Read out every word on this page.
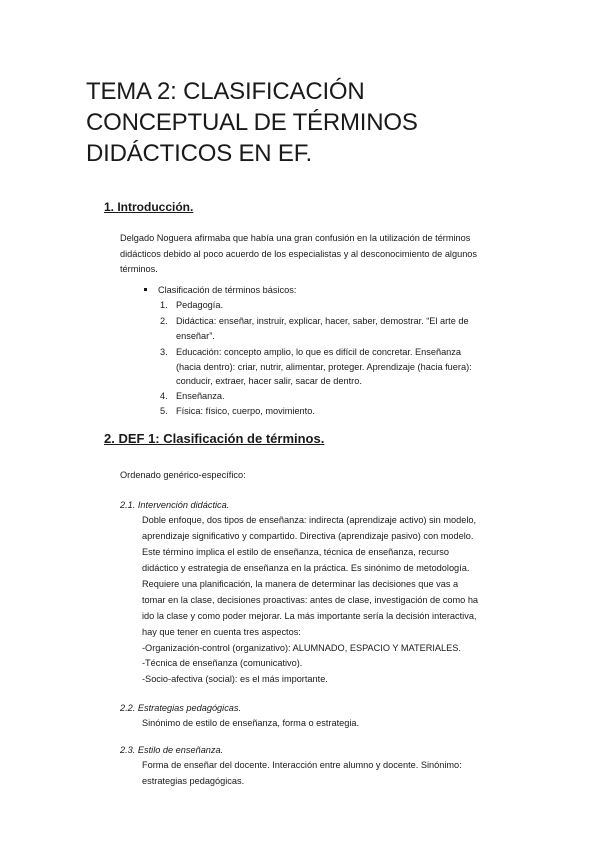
TEMA 2: CLASIFICACIÓN
CONCEPTUAL DE TÉRMINOS
DIDÁCTICOS EN EF.
1. Introducción.

Delgado Noguera afirmaba que había una gran confusión en la utilización de términos

didácticos debido al poco acuerdo de los especialistas y al desconocimiento de algunos

términos.

Clasificación de términos básicos:
1. Pedagogía.
2. Didáctica: enseñar, instruir, explicar, hacer, saber, demostrar. “El arte de
enseñar”.
3. Educación: concepto amplio, lo que es difícil de concretar. Enseñanza
(hacia dentro): criar, nutrir, alimentar, proteger. Aprendizaje (hacia fuera):
conducir, extraer, hacer salir, sacar de dentro.
4. Enseñanza.
5. Física: físico, cuerpo, movimiento.
2. DEF 1: Clasificación de términos.

Ordenado genérico-específico:

2.1. Intervención didáctica.

Doble enfoque, dos tipos de enseñanza: indirecta (aprendizaje activo) sin modelo,

aprendizaje significativo y compartido. Directiva (aprendizaje pasivo) con modelo.

Este término implica el estilo de enseñanza, técnica de enseñanza, recurso

didáctico y estrategia de enseñanza en la práctica. Es sinónimo de metodología.

Requiere una planificación, la manera de determinar las decisiones que vas a

tomar en la clase, decisiones proactivas: antes de clase, investigación de como ha

ido la clase y como poder mejorar. La más importante sería la decisión interactiva,

hay que tener en cuenta tres aspectos:

-Organización-control (organizativo): ALUMNADO, ESPACIO Y MATERIALES.

-Técnica de enseñanza (comunicativo).

-Socio-afectiva (social): es el más importante.

2.2. Estrategias pedagógicas.

Sinónimo de estilo de enseñanza, forma o estrategia.

2.3. Estilo de enseñanza.

Forma de enseñar del docente. Interacción entre alumno y docente. Sinónimo:

estrategias pedagógicas.
